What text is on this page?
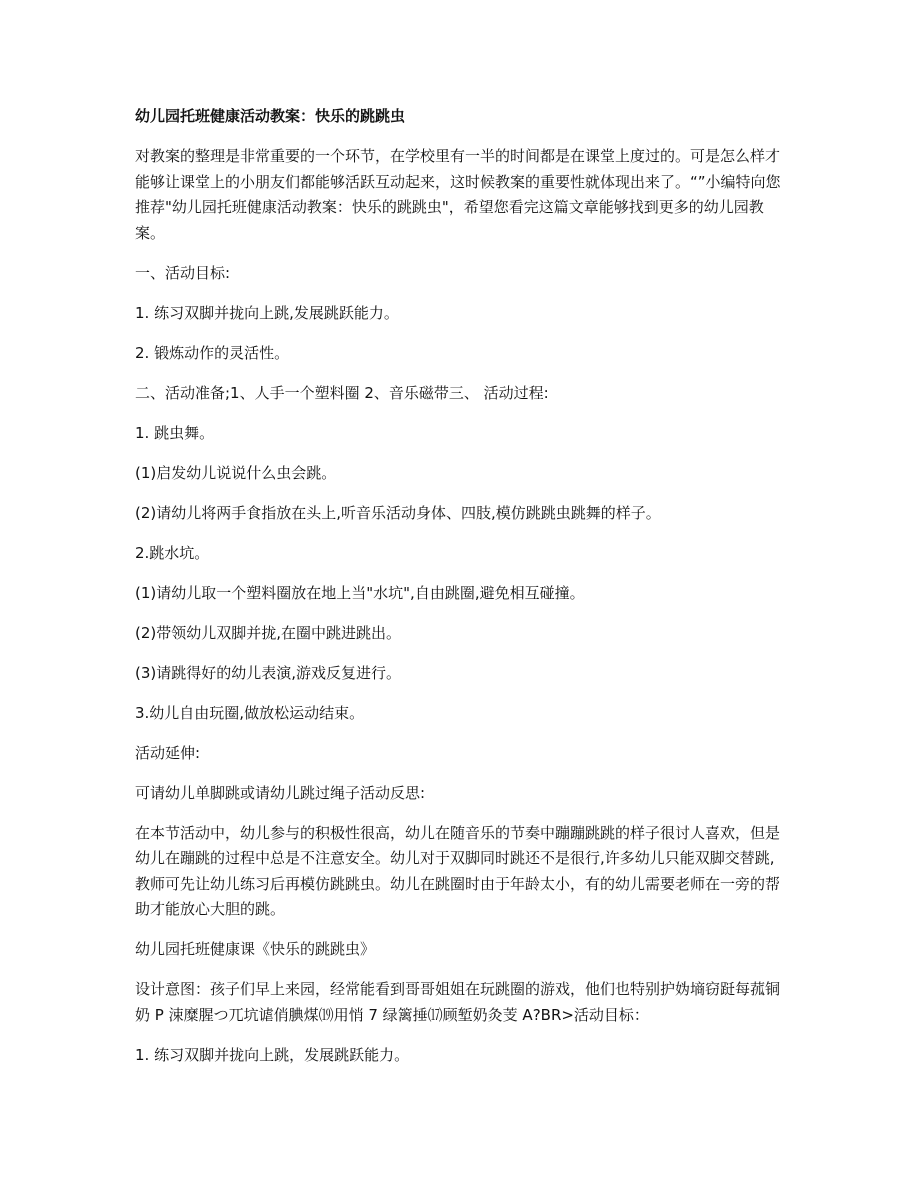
幼儿园托班健康活动教案：快乐的跳跳虫

对教案的整理是非常重要的一个环节，在学校里有一半的时间都是在课堂上度过的。可是怎么样才能够让课堂上的小朋友们都能够活跃互动起来，这时候教案的重要性就体现出来了。“”小编特向您推荐"幼儿园托班健康活动教案：快乐的跳跳虫"，希望您看完这篇文章能够找到更多的幼儿园教案。

一、活动目标:

1. 练习双脚并拢向上跳,发展跳跃能力。

2. 锻炼动作的灵活性。

二、活动准备;1、人手一个塑料圈 2、音乐磁带三、 活动过程:

1. 跳虫舞。

(1)启发幼儿说说什么虫会跳。

(2)请幼儿将两手食指放在头上,听音乐活动身体、四肢,模仿跳跳虫跳舞的样子。

2.跳水坑。

(1)请幼儿取一个塑料圈放在地上当"水坑",自由跳圈,避免相互碰撞。

(2)带领幼儿双脚并拢,在圈中跳进跳出。

(3)请跳得好的幼儿表演,游戏反复进行。

3.幼儿自由玩圈,做放松运动结束。

活动延伸:

可请幼儿单脚跳或请幼儿跳过绳子活动反思:

在本节活动中，幼儿参与的积极性很高，幼儿在随音乐的节奏中蹦蹦跳跳的样子很讨人喜欢，但是幼儿在蹦跳的过程中总是不注意安全。幼儿对于双脚同时跳还不是很行,许多幼儿只能双脚交替跳,教师可先让幼儿练习后再模仿跳跳虫。幼儿在跳圈时由于年龄太小，有的幼儿需要老师在一旁的帮助才能放心大胆的跳。

幼儿园托班健康课《快乐的跳跳虫》

设计意图：孩子们早上来园，经常能看到哥哥姐姐在玩跳圈的游戏，他们也特别护妫墒窃跹每菰铜奶 P 涑糜腥つ兀坑谑俏腆煤⒆用悄 7 绿篱捶⒄顾堑奶灸芰 A?BR>活动目标：

1. 练习双脚并拢向上跳，发展跳跃能力。
